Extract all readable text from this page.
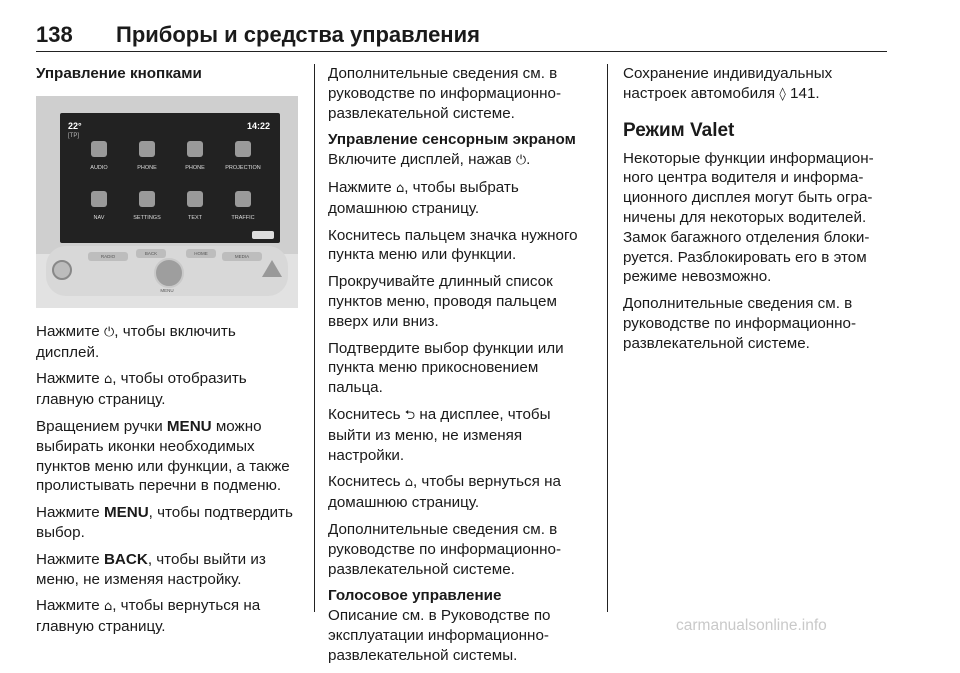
138 Приборы и средства управления
Управление кнопками
22°
[TP]
14:22
AUDIO	PHONE	PHONE	PROJECTION
NAV	SETTINGS	TEXT	TRAFFIC
RADIO
BACK	HOME
MEDIA
MENU

Нажмите ⏻, чтобы включить дисплей.

Нажмите ⌂, чтобы отобразить главную страницу.

Вращением ручки MENU можно выбирать иконки необходимых пунктов меню или функции, а также пролистывать перечни в подменю.

Нажмите MENU, чтобы подтвердить выбор.

Нажмите BACK, чтобы выйти из меню, не изменяя настройку.

Нажмите ⌂, чтобы вернуться на главную страницу.

Дополнительные сведения см. в руководстве по информационно-развлекательной системе.

Управление сенсорным экраном

Включите дисплей, нажав ⏻.

Нажмите ⌂, чтобы выбрать домашнюю страницу.

Коснитесь пальцем значка нужного пункта меню или функции.

Прокручивайте длинный список пунктов меню, проводя пальцем вверх или вниз.

Подтвердите выбор функции или пункта меню прикосновением пальца.

Коснитесь ⮌ на дисплее, чтобы выйти из меню, не изменяя настройки.

Коснитесь ⌂, чтобы вернуться на домашнюю страницу.

Дополнительные сведения см. в руководстве по информационно-развлекательной системе.

Голосовое управление

Описание см. в Руководстве по эксплуатации информационно-развлекательной системы.

Сохранение индивидуальных настроек автомобиля ◊ 141.

Режим Valet

Некоторые функции информационного центра водителя и информационного дисплея могут быть ограничены для некоторых водителей. Замок багажного отделения блокируется. Разблокировать его в этом режиме невозможно.

Дополнительные сведения см. в руководстве по информационно-развлекательной системе.

carmanualsonline.info
